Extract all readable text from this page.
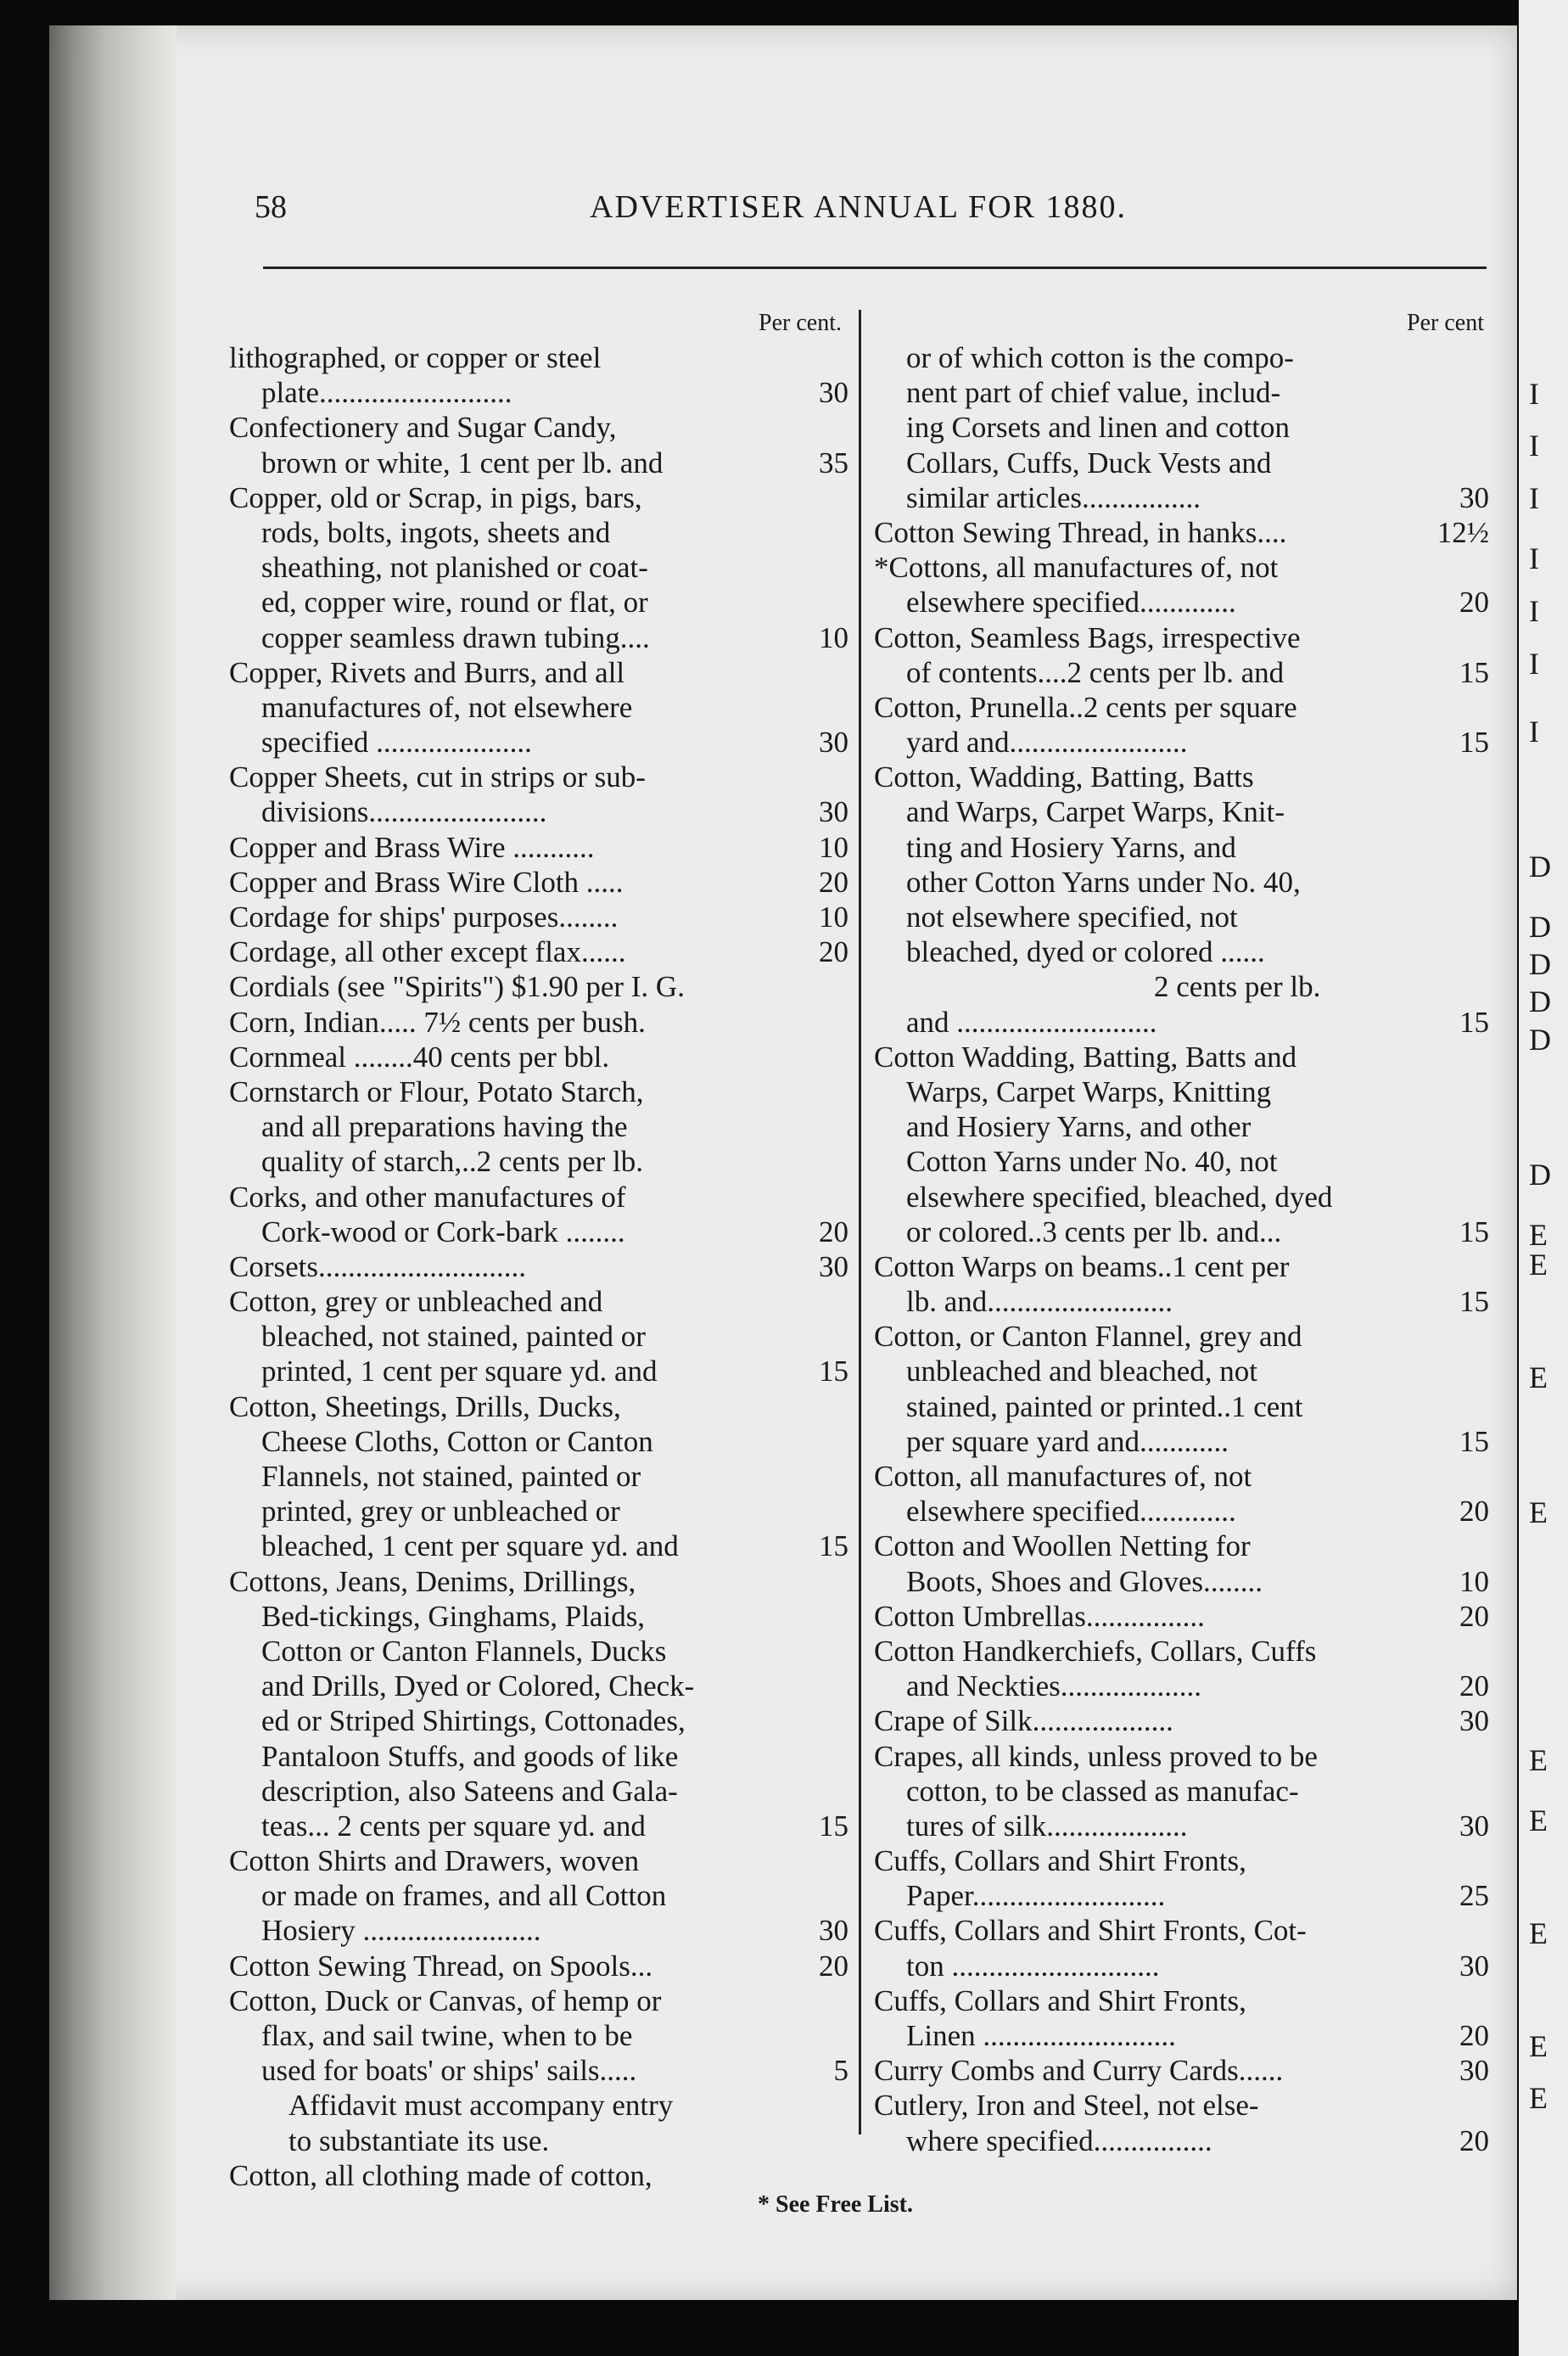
I
I
I
I
I
I
I
D
D
D
D
D
D
E
E
E
E
E
E
E
E
E
58	ADVERTISER ANNUAL FOR 1880.
Per cent.
lithographed, or copper or steel
plate..........................	30
Confectionery and Sugar Candy,
brown or white, 1 cent per lb. and	35
Copper, old or Scrap, in pigs, bars,
rods, bolts, ingots, sheets and
sheathing, not planished or coat-
ed, copper wire, round or flat, or
copper seamless drawn tubing....	10
Copper, Rivets and Burrs, and all
manufactures of, not elsewhere
specified .....................	30
Copper Sheets, cut in strips or sub-
divisions........................	30
Copper and Brass Wire ...........	10
Copper and Brass Wire Cloth .....	20
Cordage for ships' purposes........	10
Cordage, all other except flax......	20
Cordials (see "Spirits") $1.90 per I. G.
Corn, Indian..... 7½ cents per bush.
Cornmeal ........40 cents per bbl.
Cornstarch or Flour, Potato Starch,
and all preparations having the
quality of starch,..2 cents per lb.
Corks, and other manufactures of
Cork-wood or Cork-bark ........	20
Corsets............................	30
Cotton, grey or unbleached and
bleached, not stained, painted or
printed, 1 cent per square yd. and	15
Cotton, Sheetings, Drills, Ducks,
Cheese Cloths, Cotton or Canton
Flannels, not stained, painted or
printed, grey or unbleached or
bleached, 1 cent per square yd. and	15
Cottons, Jeans, Denims, Drillings,
Bed-tickings, Ginghams, Plaids,
Cotton or Canton Flannels, Ducks
and Drills, Dyed or Colored, Check-
ed or Striped Shirtings, Cottonades,
Pantaloon Stuffs, and goods of like
description, also Sateens and Gala-
teas... 2 cents per square yd. and	15
Cotton Shirts and Drawers, woven
or made on frames, and all Cotton
Hosiery ........................	30
Cotton Sewing Thread, on Spools...	20
Cotton, Duck or Canvas, of hemp or
flax, and sail twine, when to be
used for boats' or ships' sails.....	5
Affidavit must accompany entry
to substantiate its use.
Cotton, all clothing made of cotton,
Per cent
or of which cotton is the compo-
nent part of chief value, includ-
ing Corsets and linen and cotton
Collars, Cuffs, Duck Vests and
similar articles................	30
Cotton Sewing Thread, in hanks....	12½
*Cottons, all manufactures of, not
elsewhere specified.............	20
Cotton, Seamless Bags, irrespective
of contents....2 cents per lb. and	15
Cotton, Prunella..2 cents per square
yard and........................	15
Cotton, Wadding, Batting, Batts
and Warps, Carpet Warps, Knit-
ting and Hosiery Yarns, and
other Cotton Yarns under No. 40,
not elsewhere specified, not
bleached, dyed or colored ......
2 cents per lb.
and ...........................	15
Cotton Wadding, Batting, Batts and
Warps, Carpet Warps, Knitting
and Hosiery Yarns, and other
Cotton Yarns under No. 40, not
elsewhere specified, bleached, dyed
or colored..3 cents per lb. and...	15
Cotton Warps on beams..1 cent per
lb. and.........................	15
Cotton, or Canton Flannel, grey and
unbleached and bleached, not
stained, painted or printed..1 cent
per square yard and............	15
Cotton, all manufactures of, not
elsewhere specified.............	20
Cotton and Woollen Netting for
Boots, Shoes and Gloves........	10
Cotton Umbrellas................	20
Cotton Handkerchiefs, Collars, Cuffs
and Neckties...................	20
Crape of Silk...................	30
Crapes, all kinds, unless proved to be
cotton, to be classed as manufac-
tures of silk...................	30
Cuffs, Collars and Shirt Fronts,
Paper..........................	25
Cuffs, Collars and Shirt Fronts, Cot-
ton ............................	30
Cuffs, Collars and Shirt Fronts,
Linen ..........................	20
Curry Combs and Curry Cards......	30
Cutlery, Iron and Steel, not else-
where specified................	20
* See Free List.
